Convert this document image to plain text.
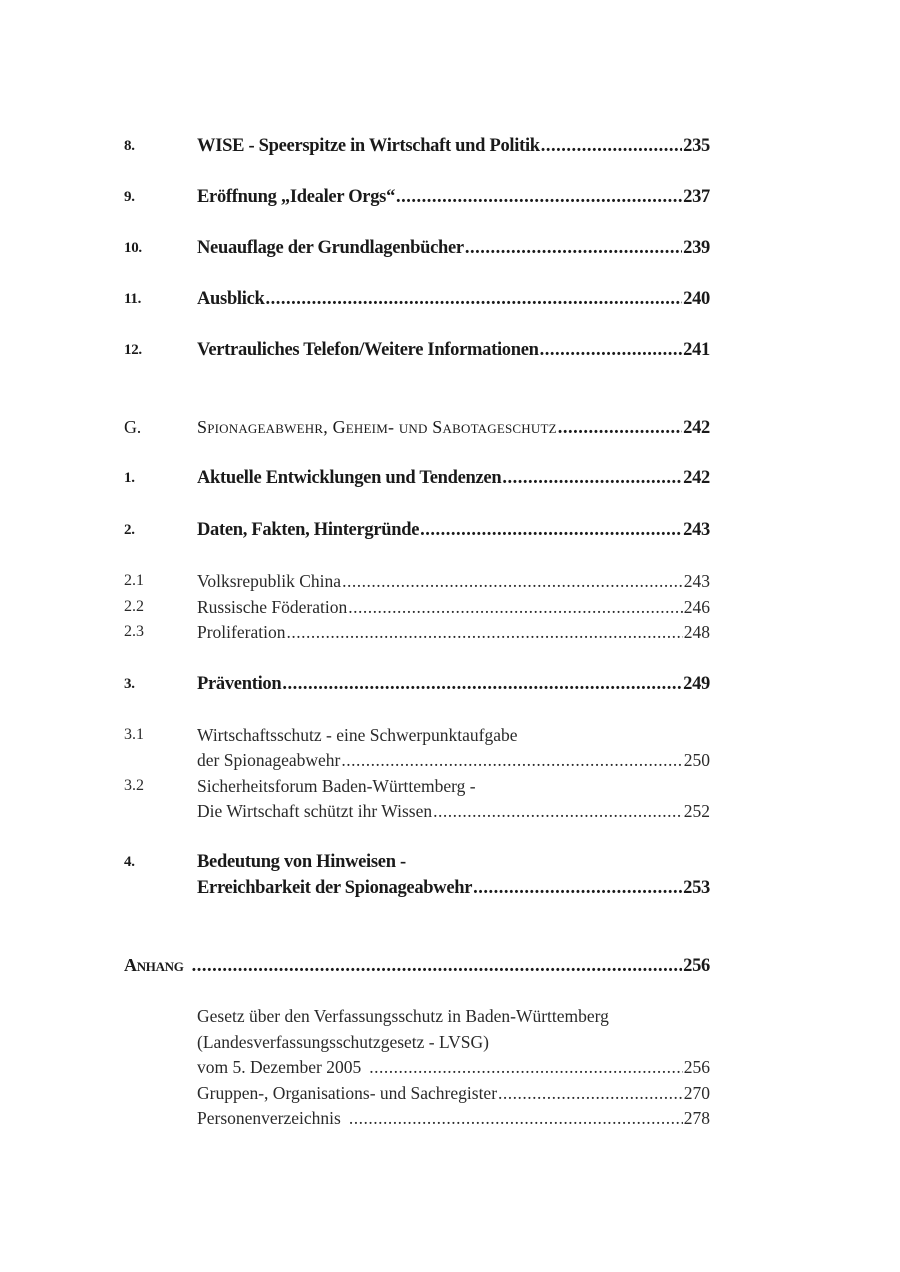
8.	WISE - Speerspitze in Wirtschaft und Politik .....	235
9.	Eröffnung „Idealer Orgs“ .....	237
10.	Neuauflage der Grundlagenbücher .....	239
11.	Ausblick .....	240
12.	Vertrauliches Telefon/Weitere Informationen .....	241
G.	Spionageabwehr, Geheim- und Sabotageschutz .....	242
1.	Aktuelle Entwicklungen und Tendenzen .....	242
2.	Daten, Fakten, Hintergründe .....	243
2.1	Volksrepublik China .....	243
2.2	Russische Föderation .....	246
2.3	Proliferation .....	248
3.	Prävention .....	249
3.1	Wirtschaftsschutz - eine Schwerpunktaufgabe
der Spionageabwehr .....	250
3.2	Sicherheitsforum Baden-Württemberg -
Die Wirtschaft schützt ihr Wissen .....	252
4.	Bedeutung von Hinweisen -
Erreichbarkeit der Spionageabwehr .....	253
Anhang .....	256
Gesetz über den Verfassungsschutz in Baden-Württemberg
(Landesverfassungsschutzgesetz - LVSG)
vom 5. Dezember 2005 .....	256
Gruppen-, Organisations- und Sachregister .....	270
Personenverzeichnis .....	278
